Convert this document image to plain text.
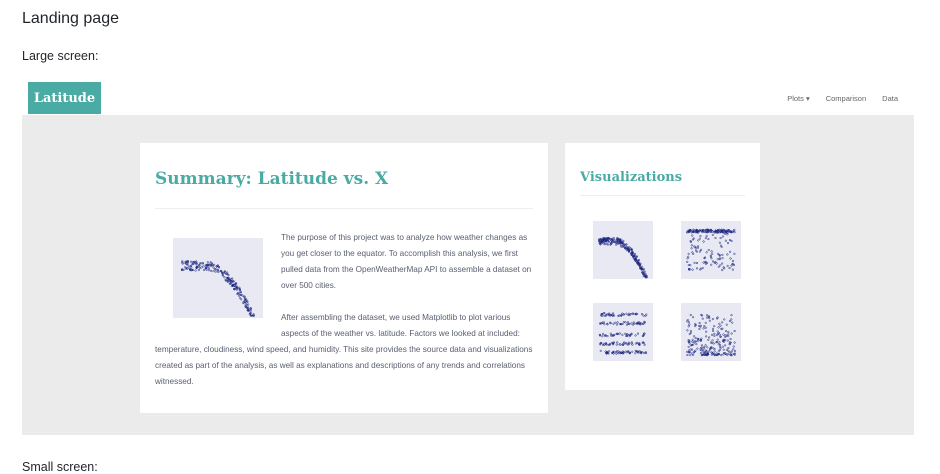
Landing page
Large screen:
Latitude	Plots ▾ Comparison Data
Summary: Latitude vs. X
The purpose of this project was to analyze how weather changes as you get closer to the equator. To accomplish this analysis, we first pulled data from the OpenWeatherMap API to assemble a dataset on over 500 cities.
After assembling the dataset, we used Matplotlib to plot various aspects of the weather vs. latitude. Factors we looked at included: temperature, cloudiness, wind speed, and humidity. This site provides the source data and visualizations created as part of the analysis, as well as explanations and descriptions of any trends and correlations witnessed.
Visualizations
Small screen:
